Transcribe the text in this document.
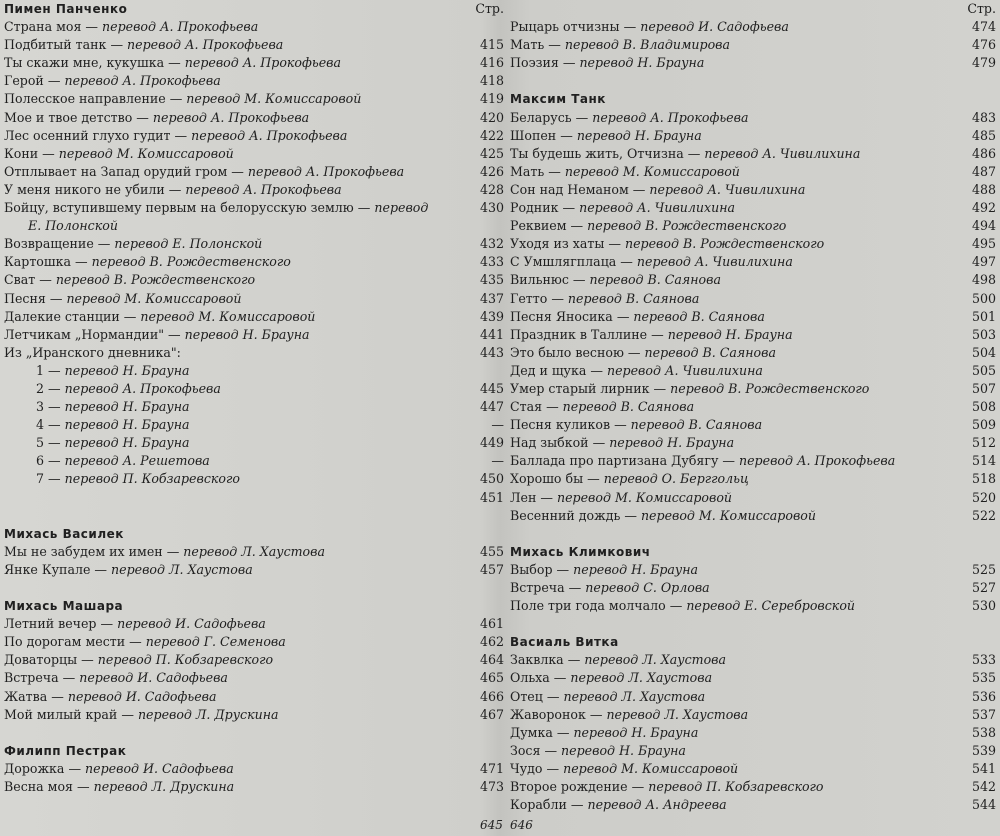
Пимен Панченко	Стр.
Страна моя — перевод А. Прокофьева
Подбитый танк — перевод А. Прокофьева	415
Ты скажи мне, кукушка — перевод А. Прокофьева	416
Герой — перевод А. Прокофьева	418
Полесское направление — перевод М. Комиссаровой	419
Мое и твое детство — перевод А. Прокофьева	420
Лес осенний глухо гудит — перевод А. Прокофьева	422
Кони — перевод М. Комиссаровой	425
Отплывает на Запад орудий гром — перевод А. Прокофьева	426
У меня никого не убили — перевод А. Прокофьева	428
Бойцу, вступившему первым на белорусскую землю — перевод	430
Е. Полонской
Возвращение — перевод Е. Полонской	432
Картошка — перевод В. Рождественского	433
Сват — перевод В. Рождественского	435
Песня — перевод М. Комиссаровой	437
Далекие станции — перевод М. Комиссаровой	439
Летчикам „Нормандии" — перевод Н. Брауна	441
Из „Иранского дневника":	443
1 — перевод Н. Брауна
2 — перевод А. Прокофьева	445
3 — перевод Н. Брауна	447
4 — перевод Н. Брауна	—
5 — перевод Н. Брауна	449
6 — перевод А. Решетова	—
7 — перевод П. Кобзаревского	450
451
Михась Василек
Мы не забудем их имен — перевод Л. Хаустова	455
Янке Купале — перевод Л. Хаустова	457
Михась Машара
Летний вечер — перевод И. Садофьева	461
По дорогам мести — перевод Г. Семенова	462
Доваторцы — перевод П. Кобзаревского	464
Встреча — перевод И. Садофьева	465
Жатва — перевод И. Садофьева	466
Мой милый край — перевод Л. Друскина	467
Филипп Пестрак
Дорожка — перевод И. Садофьева	471
Весна моя — перевод Л. Друскина	473
Стр.
Рыцарь отчизны — перевод И. Садофьева	474
Мать — перевод В. Владимирова	476
Поэзия — перевод Н. Брауна	479
Максим Танк
Беларусь — перевод А. Прокофьева	483
Шопен — перевод Н. Брауна	485
Ты будешь жить, Отчизна — перевод А. Чивилихина	486
Мать — перевод М. Комиссаровой	487
Сон над Неманом — перевод А. Чивилихина	488
Родник — перевод А. Чивилихина	492
Реквием — перевод В. Рождественского	494
Уходя из хаты — перевод В. Рождественского	495
С Умшлягплаца — перевод А. Чивилихина	497
Вильнюс — перевод В. Саянова	498
Гетто — перевод В. Саянова	500
Песня Яносика — перевод В. Саянова	501
Праздник в Таллине — перевод Н. Брауна	503
Это было весною — перевод В. Саянова	504
Дед и щука — перевод А. Чивилихина	505
Умер старый лирник — перевод В. Рождественского	507
Стая — перевод В. Саянова	508
Песня куликов — перевод В. Саянова	509
Над зыбкой — перевод Н. Брауна	512
Баллада про партизана Дубягу — перевод А. Прокофьева	514
Хорошо бы — перевод О. Берггольц	518
Лен — перевод М. Комиссаровой	520
Весенний дождь — перевод М. Комиссаровой	522
Михась Климкович
Выбор — перевод Н. Брауна	525
Встреча — перевод С. Орлова	527
Поле три года молчало — перевод Е. Серебровской	530
Васиаль Витка
Заквлка — перевод Л. Хаустова	533
Ольха — перевод Л. Хаустова	535
Отец — перевод Л. Хаустова	536
Жаворонок — перевод Л. Хаустова	537
Думка — перевод Н. Брауна	538
Зося — перевод Н. Брауна	539
Чудо — перевод М. Комиссаровой	541
Второе рождение — перевод П. Кобзаревского	542
Корабли — перевод А. Андреева	544
645 646
